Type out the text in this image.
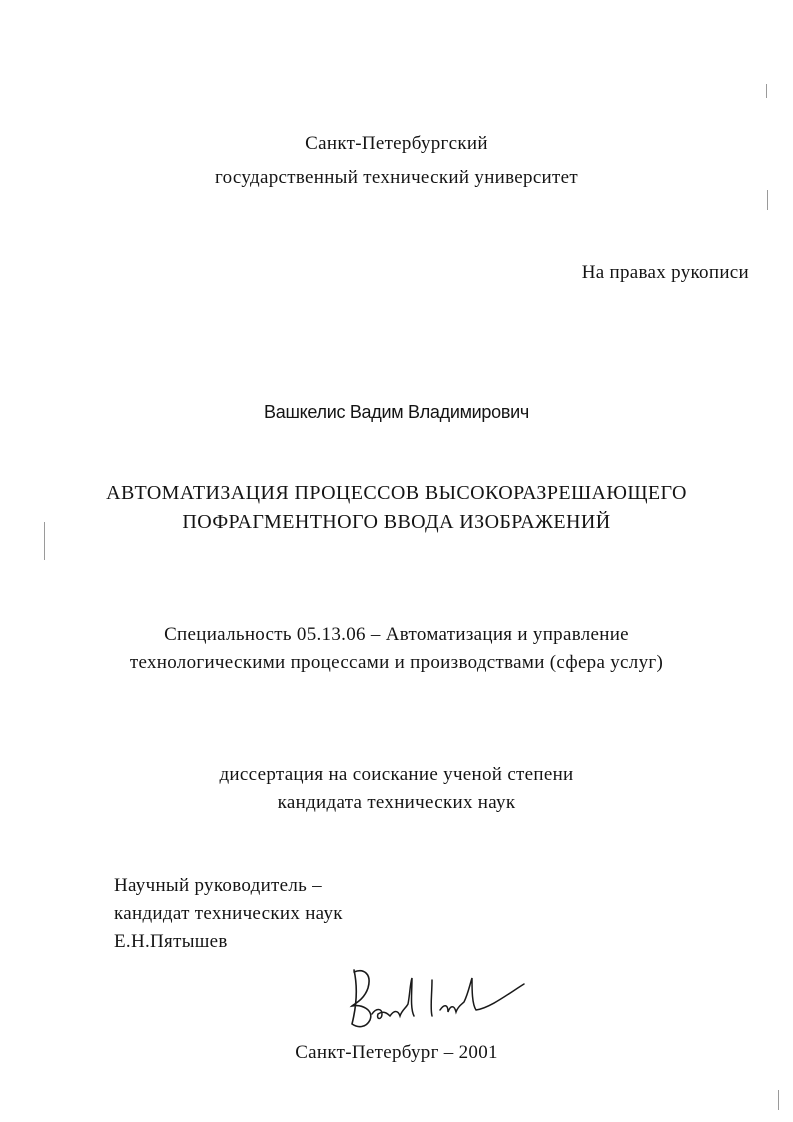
Санкт-Петербургский
государственный технический университет
На правах рукописи
Вашкелис Вадим Владимирович
АВТОМАТИЗАЦИЯ ПРОЦЕССОВ ВЫСОКОРАЗРЕШАЮЩЕГО
ПОФРАГМЕНТНОГО ВВОДА ИЗОБРАЖЕНИЙ
Специальность 05.13.06 – Автоматизация и управление
технологическими процессами и производствами (сфера услуг)
диссертация на соискание ученой степени
кандидата технических наук
Научный руководитель –
кандидат технических наук
Е.Н.Пятышев
Санкт-Петербург – 2001
